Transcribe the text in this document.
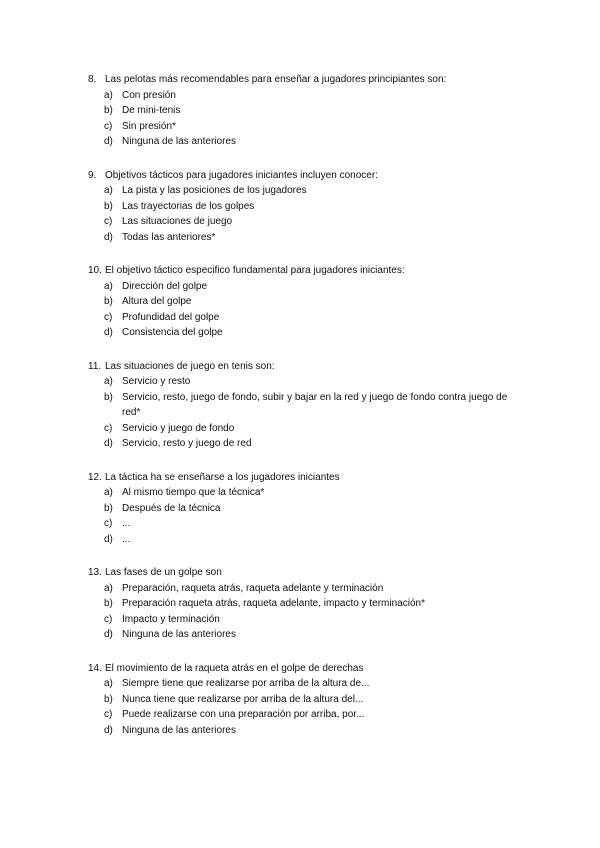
8. Las pelotas más recomendables para enseñar a jugadores principiantes son:
a) Con presión
b) De mini-tenis
c) Sin presión*
d) Ninguna de las anteriores
9. Objetivos tácticos para jugadores iniciantes incluyen conocer:
a) La pista y las posiciones de los jugadores
b) Las trayectorias de los golpes
c) Las situaciones de juego
d) Todas las anteriores*
10. El objetivo táctico especifico fundamental para jugadores iniciantes:
a) Dirección del golpe
b) Altura del golpe
c) Profundidad del golpe
d) Consistencia del golpe
11. Las situaciones de juego en tenis son:
a) Servicio y resto
b) Servicio, resto, juego de fondo, subir y bajar en la red y juego de fondo contra juego de red*
c) Servicio y juego de fondo
d) Servicio, resto y juego de red
12. La táctica ha se enseñarse a los jugadores iniciantes
a) Al mismo tiempo que la técnica*
b) Después de la técnica
c) ...
d) ...
13. Las fases de un golpe son
a) Preparación, raqueta atrás, raqueta adelante y terminación
b) Preparación raqueta atrás, raqueta adelante, impacto y terminación*
c) Impacto y terminación
d) Ninguna de las anteriores
14. El movimiento de la raqueta atrás en el golpe de derechas
a) Siempre tiene que realizarse por arriba de la altura de...
b) Nunca tiene que realizarse por arriba de la altura del...
c) Puede realizarse con una preparación por arriba, por...
d) Ninguna de las anteriores
